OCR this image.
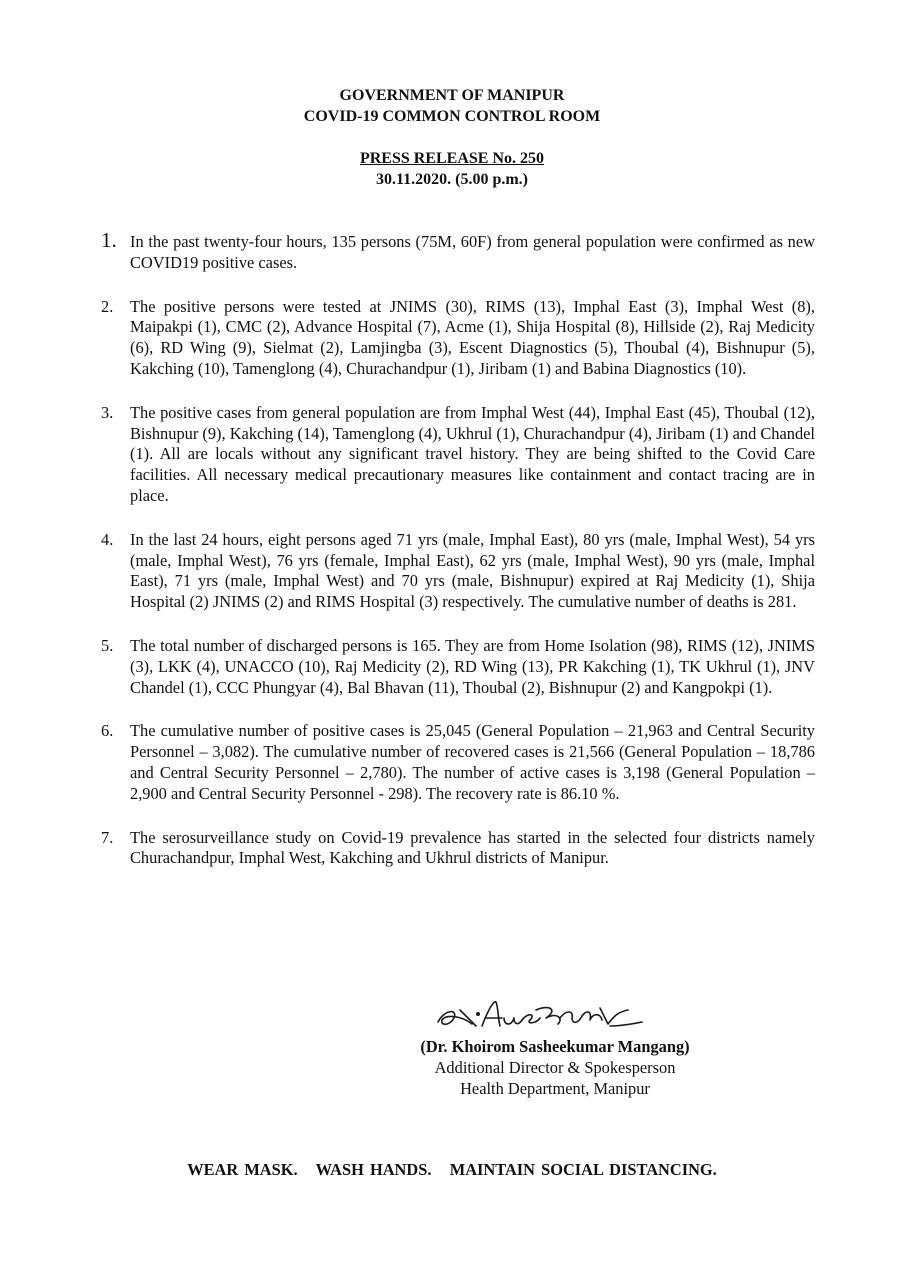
GOVERNMENT OF MANIPUR

COVID-19 COMMON CONTROL ROOM

PRESS RELEASE No. 250

30.11.2020. (5.00 p.m.)

1. In the past twenty-four hours, 135 persons (75M, 60F) from general population were confirmed as new COVID19 positive cases.
2. The positive persons were tested at JNIMS (30), RIMS (13), Imphal East (3), Imphal West (8), Maipakpi (1), CMC (2), Advance Hospital (7), Acme (1), Shija Hospital (8), Hillside (2), Raj Medicity (6), RD Wing (9), Sielmat (2), Lamjingba (3), Escent Diagnostics (5), Thoubal (4), Bishnupur (5), Kakching (10), Tamenglong (4), Churachandpur (1), Jiribam (1) and Babina Diagnostics (10).
3. The positive cases from general population are from Imphal West (44), Imphal East (45), Thoubal (12), Bishnupur (9), Kakching (14), Tamenglong (4), Ukhrul (1), Churachandpur (4), Jiribam (1) and Chandel (1). All are locals without any significant travel history. They are being shifted to the Covid Care facilities. All necessary medical precautionary measures like containment and contact tracing are in place.
4. In the last 24 hours, eight persons aged 71 yrs (male, Imphal East), 80 yrs (male, Imphal West), 54 yrs (male, Imphal West), 76 yrs (female, Imphal East), 62 yrs (male, Imphal West), 90 yrs (male, Imphal East), 71 yrs (male, Imphal West) and 70 yrs (male, Bishnupur) expired at Raj Medicity (1), Shija Hospital (2) JNIMS (2) and RIMS Hospital (3) respectively. The cumulative number of deaths is 281.
5. The total number of discharged persons is 165. They are from Home Isolation (98), RIMS (12), JNIMS (3), LKK (4), UNACCO (10), Raj Medicity (2), RD Wing (13), PR Kakching (1), TK Ukhrul (1), JNV Chandel (1), CCC Phungyar (4), Bal Bhavan (11), Thoubal (2), Bishnupur (2) and Kangpokpi (1).
6. The cumulative number of positive cases is 25,045 (General Population – 21,963 and Central Security Personnel – 3,082). The cumulative number of recovered cases is 21,566 (General Population – 18,786 and Central Security Personnel – 2,780). The number of active cases is 3,198 (General Population – 2,900 and Central Security Personnel - 298). The recovery rate is 86.10 %.
7. The serosurveillance study on Covid-19 prevalence has started in the selected four districts namely Churachandpur, Imphal West, Kakching and Ukhrul districts of Manipur.
(Dr. Khoirom Sasheekumar Mangang)
Additional Director & Spokesperson
Health Department, Manipur
WEAR MASK.   WASH HANDS.   MAINTAIN SOCIAL DISTANCING.
